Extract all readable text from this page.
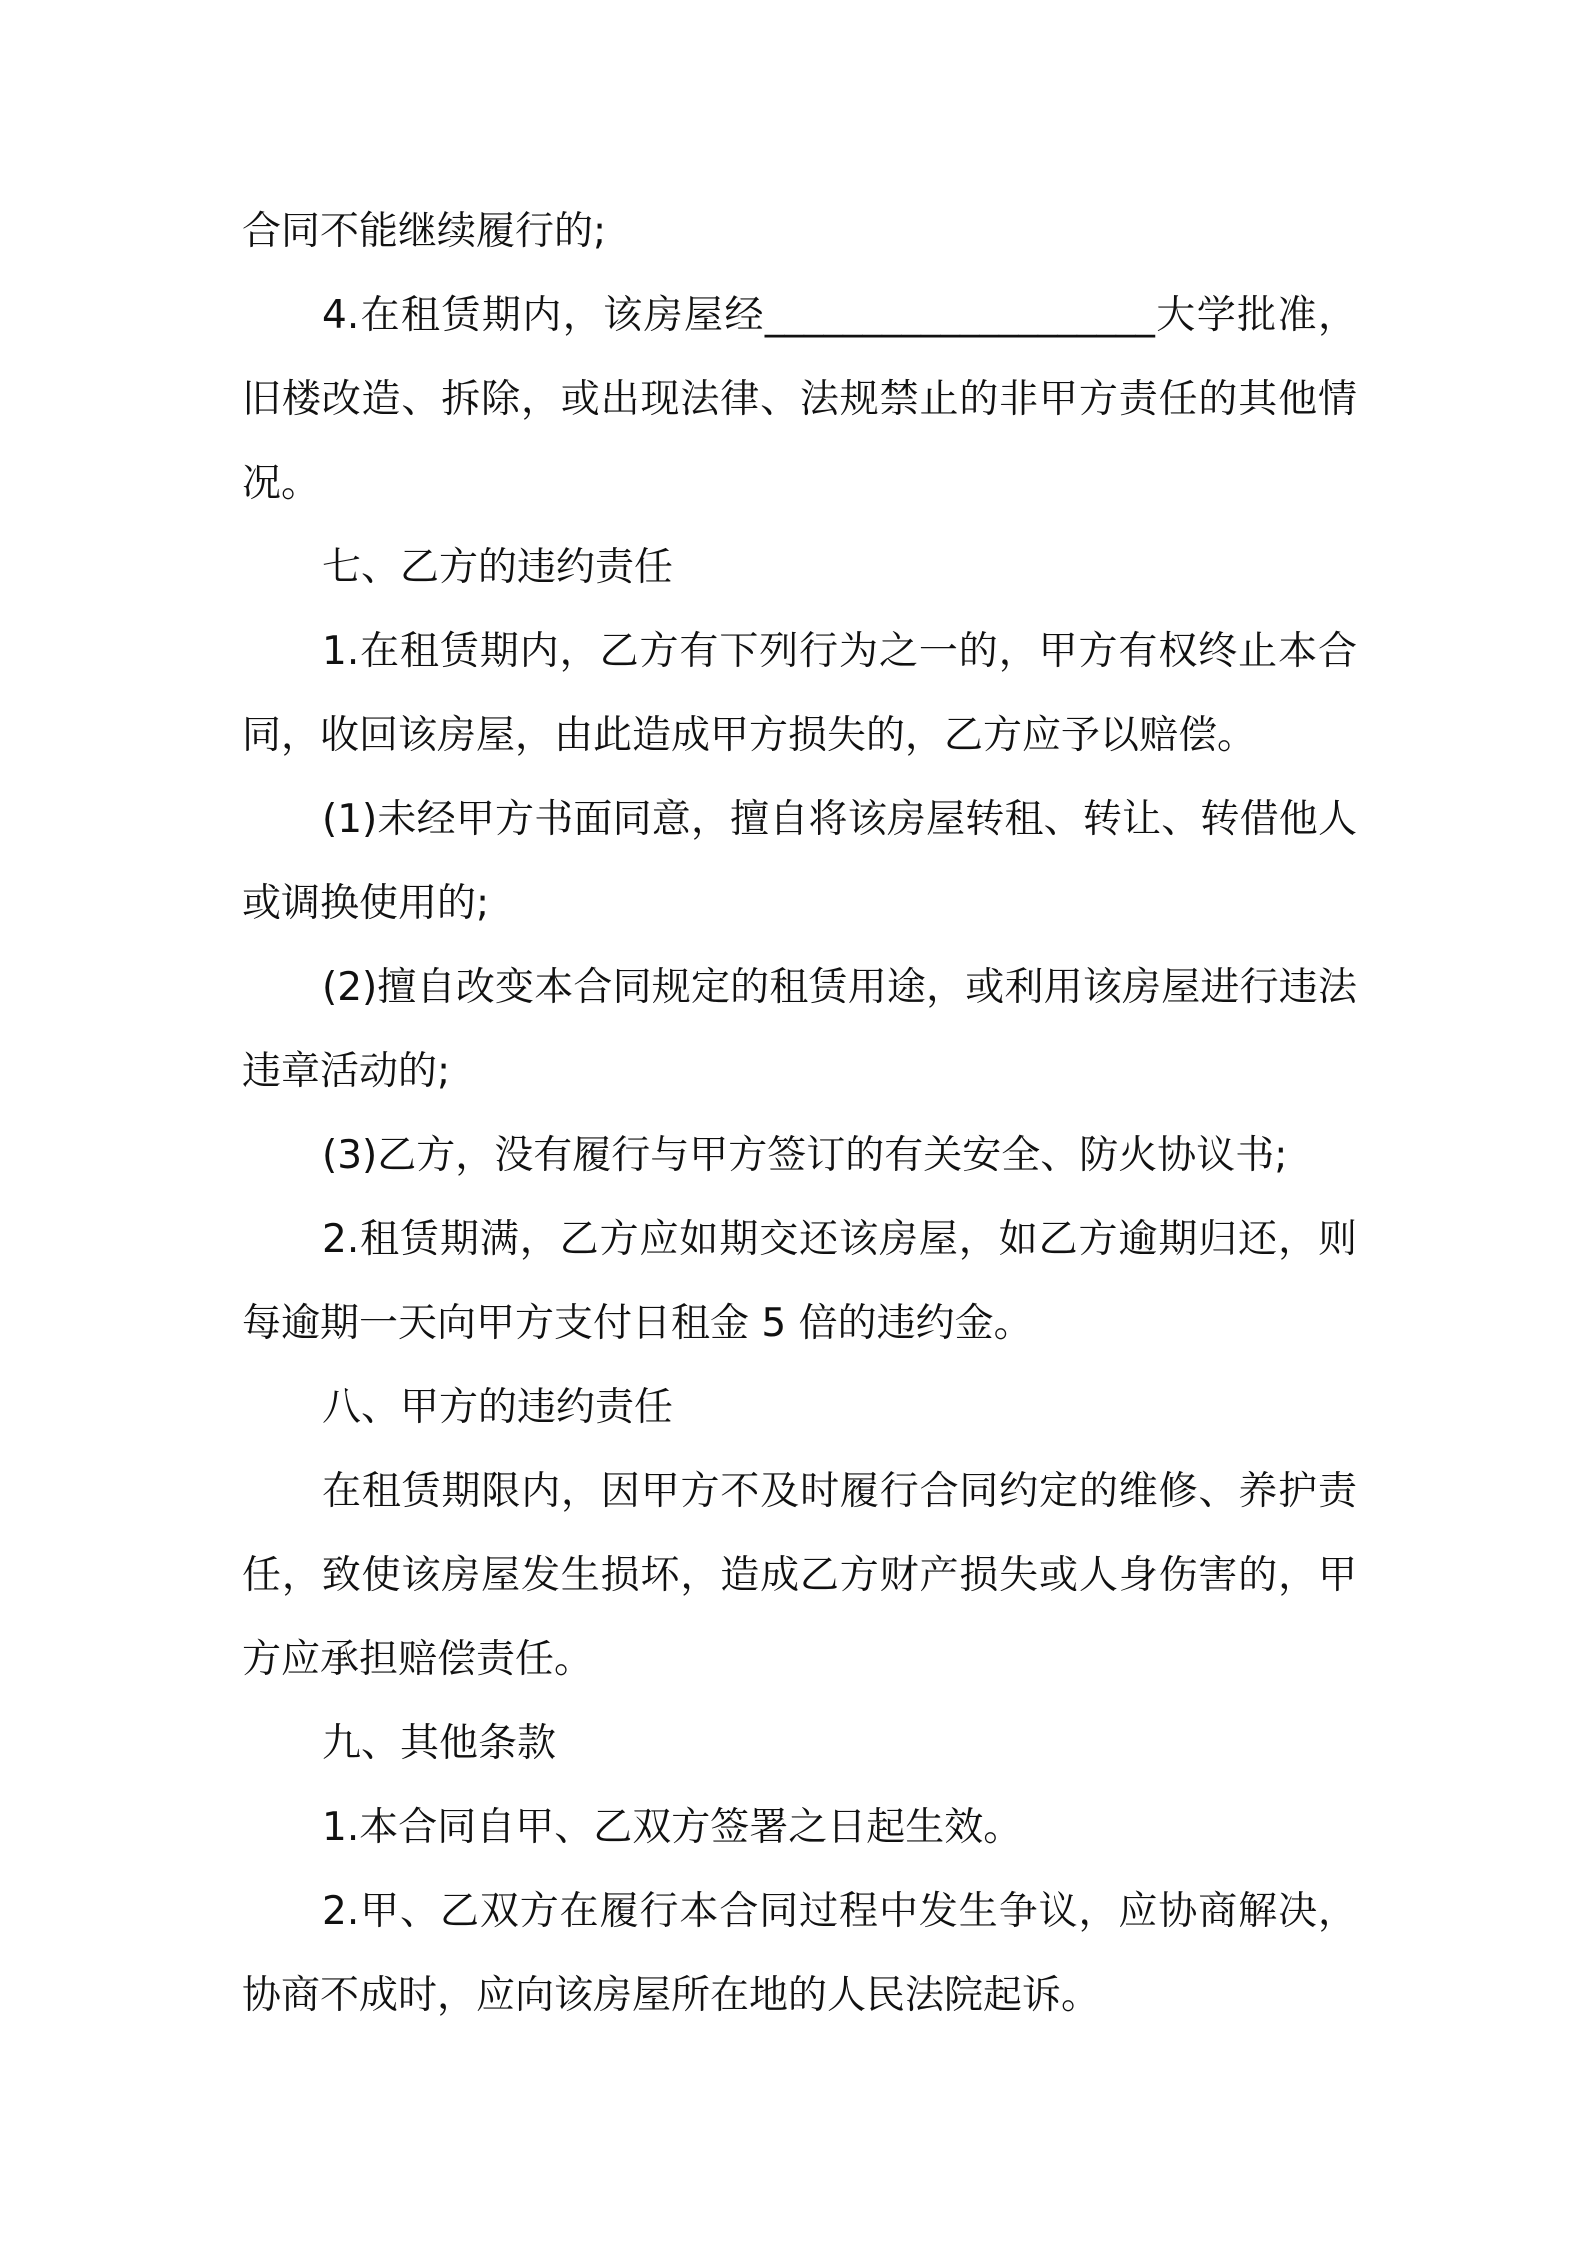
合同不能继续履行的;

4.在租赁期内，该房屋经____________________大学批准，旧楼改造、拆除，或出现法律、法规禁止的非甲方责任的其他情况。

七、乙方的违约责任

1.在租赁期内，乙方有下列行为之一的，甲方有权终止本合同，收回该房屋，由此造成甲方损失的，乙方应予以赔偿。

(1)未经甲方书面同意，擅自将该房屋转租、转让、转借他人或调换使用的;

(2)擅自改变本合同规定的租赁用途，或利用该房屋进行违法违章活动的;

(3)乙方，没有履行与甲方签订的有关安全、防火协议书;

2.租赁期满，乙方应如期交还该房屋，如乙方逾期归还，则每逾期一天向甲方支付日租金 5 倍的违约金。

八、甲方的违约责任

在租赁期限内，因甲方不及时履行合同约定的维修、养护责任，致使该房屋发生损坏，造成乙方财产损失或人身伤害的，甲方应承担赔偿责任。

九、其他条款

1.本合同自甲、乙双方签署之日起生效。

2.甲、乙双方在履行本合同过程中发生争议，应协商解决，协商不成时，应向该房屋所在地的人民法院起诉。
